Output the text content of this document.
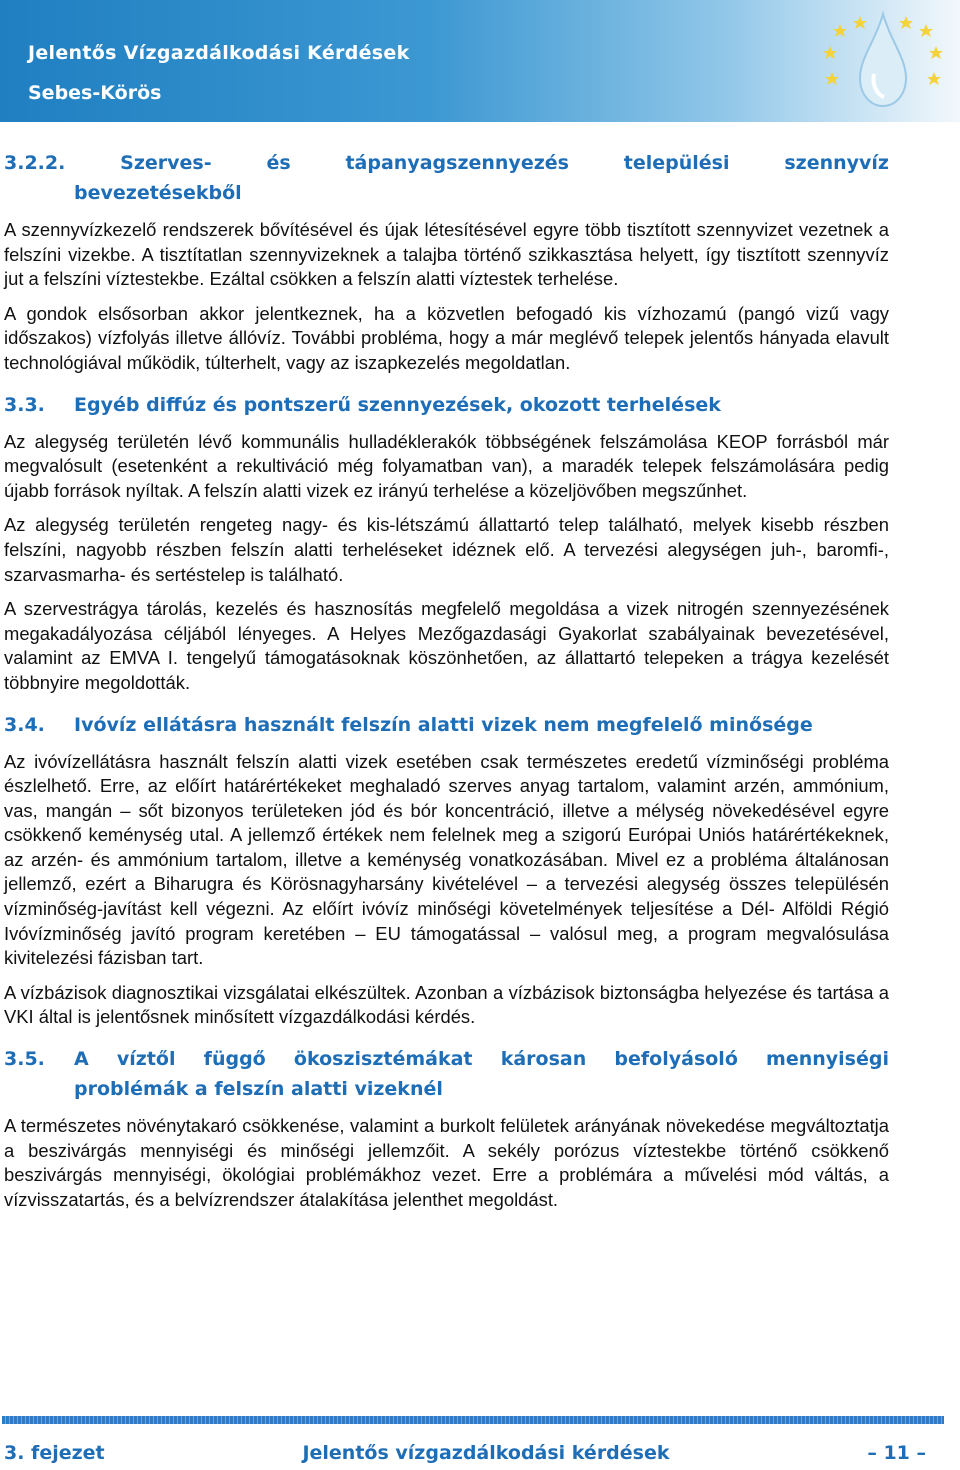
Jelentős Vízgazdálkodási Kérdések
Sebes-Körös
3.2.2.	Szerves- és tápanyagszennyezés települési szennyvíz
bevezetésekből

A szennyvízkezelő rendszerek bővítésével és újak létesítésével egyre több tisztított szennyvizet vezetnek a felszíni vizekbe. A tisztítatlan szennyvizeknek a talajba történő szikkasztása helyett, így tisztított szennyvíz jut a felszíni víztestekbe. Ezáltal csökken a felszín alatti víztestek terhelése.

A gondok elsősorban akkor jelentkeznek, ha a közvetlen befogadó kis vízhozamú (pangó vizű vagy időszakos) vízfolyás illetve állóvíz. További probléma, hogy a már meglévő telepek jelentős hányada elavult technológiával működik, túlterhelt, vagy az iszapkezelés megoldatlan.

3.3.	Egyéb diffúz és pontszerű szennyezések, okozott terhelések

Az alegység területén lévő kommunális hulladéklerakók többségének felszámolása KEOP forrásból már megvalósult (esetenként a rekultiváció még folyamatban van), a maradék telepek felszámolására pedig újabb források nyíltak. A felszín alatti vizek ez irányú terhelése a közeljövőben megszűnhet.

Az alegység területén rengeteg nagy- és kis-létszámú állattartó telep található, melyek kisebb részben felszíni, nagyobb részben felszín alatti terheléseket idéznek elő. A tervezési alegységen juh-, baromfi-, szarvasmarha- és sertéstelep is található.

A szervestrágya tárolás, kezelés és hasznosítás megfelelő megoldása a vizek nitrogén szennyezésének megakadályozása céljából lényeges. A Helyes Mezőgazdasági Gyakorlat szabályainak bevezetésével, valamint az EMVA I. tengelyű támogatásoknak köszönhetően, az állattartó telepeken a trágya kezelését többnyire megoldották.

3.4.	Ivóvíz ellátásra használt felszín alatti vizek nem megfelelő minősége

Az ivóvízellátásra használt felszín alatti vizek esetében csak természetes eredetű vízminőségi probléma észlelhető. Erre, az előírt határértékeket meghaladó szerves anyag tartalom, valamint arzén, ammónium, vas, mangán – sőt bizonyos területeken jód és bór koncentráció, illetve a mélység növekedésével egyre csökkenő keménység utal. A jellemző értékek nem felelnek meg a szigorú Európai Uniós határértékeknek, az arzén- és ammónium tartalom, illetve a keménység vonatkozásában. Mivel ez a probléma általánosan jellemző, ezért a Biharugra és Körösnagyharsány kivételével – a tervezési alegység összes településén vízminőség-javítást kell végezni. Az előírt ivóvíz minőségi követelmények teljesítése a Dél- Alföldi Régió Ivóvízminőség javító program keretében – EU támogatással – valósul meg, a program megvalósulása kivitelezési fázisban tart.

A vízbázisok diagnosztikai vizsgálatai elkészültek. Azonban a vízbázisok biztonságba helyezése és tartása a VKI által is jelentősnek minősített vízgazdálkodási kérdés.

3.5.	A víztől függő ökoszisztémákat károsan befolyásoló mennyiségi
problémák a felszín alatti vizeknél

A természetes növénytakaró csökkenése, valamint a burkolt felületek arányának növekedése megváltoztatja a beszivárgás mennyiségi és minőségi jellemzőit. A sekély porózus víztestekbe történő csökkenő beszivárgás mennyiségi, ökológiai problémákhoz vezet. Erre a problémára a művelési mód váltás, a vízvisszatartás, és a belvízrendszer átalakítása jelenthet megoldást.

3. fejezet	Jelentős vízgazdálkodási kérdések	– 11 –
